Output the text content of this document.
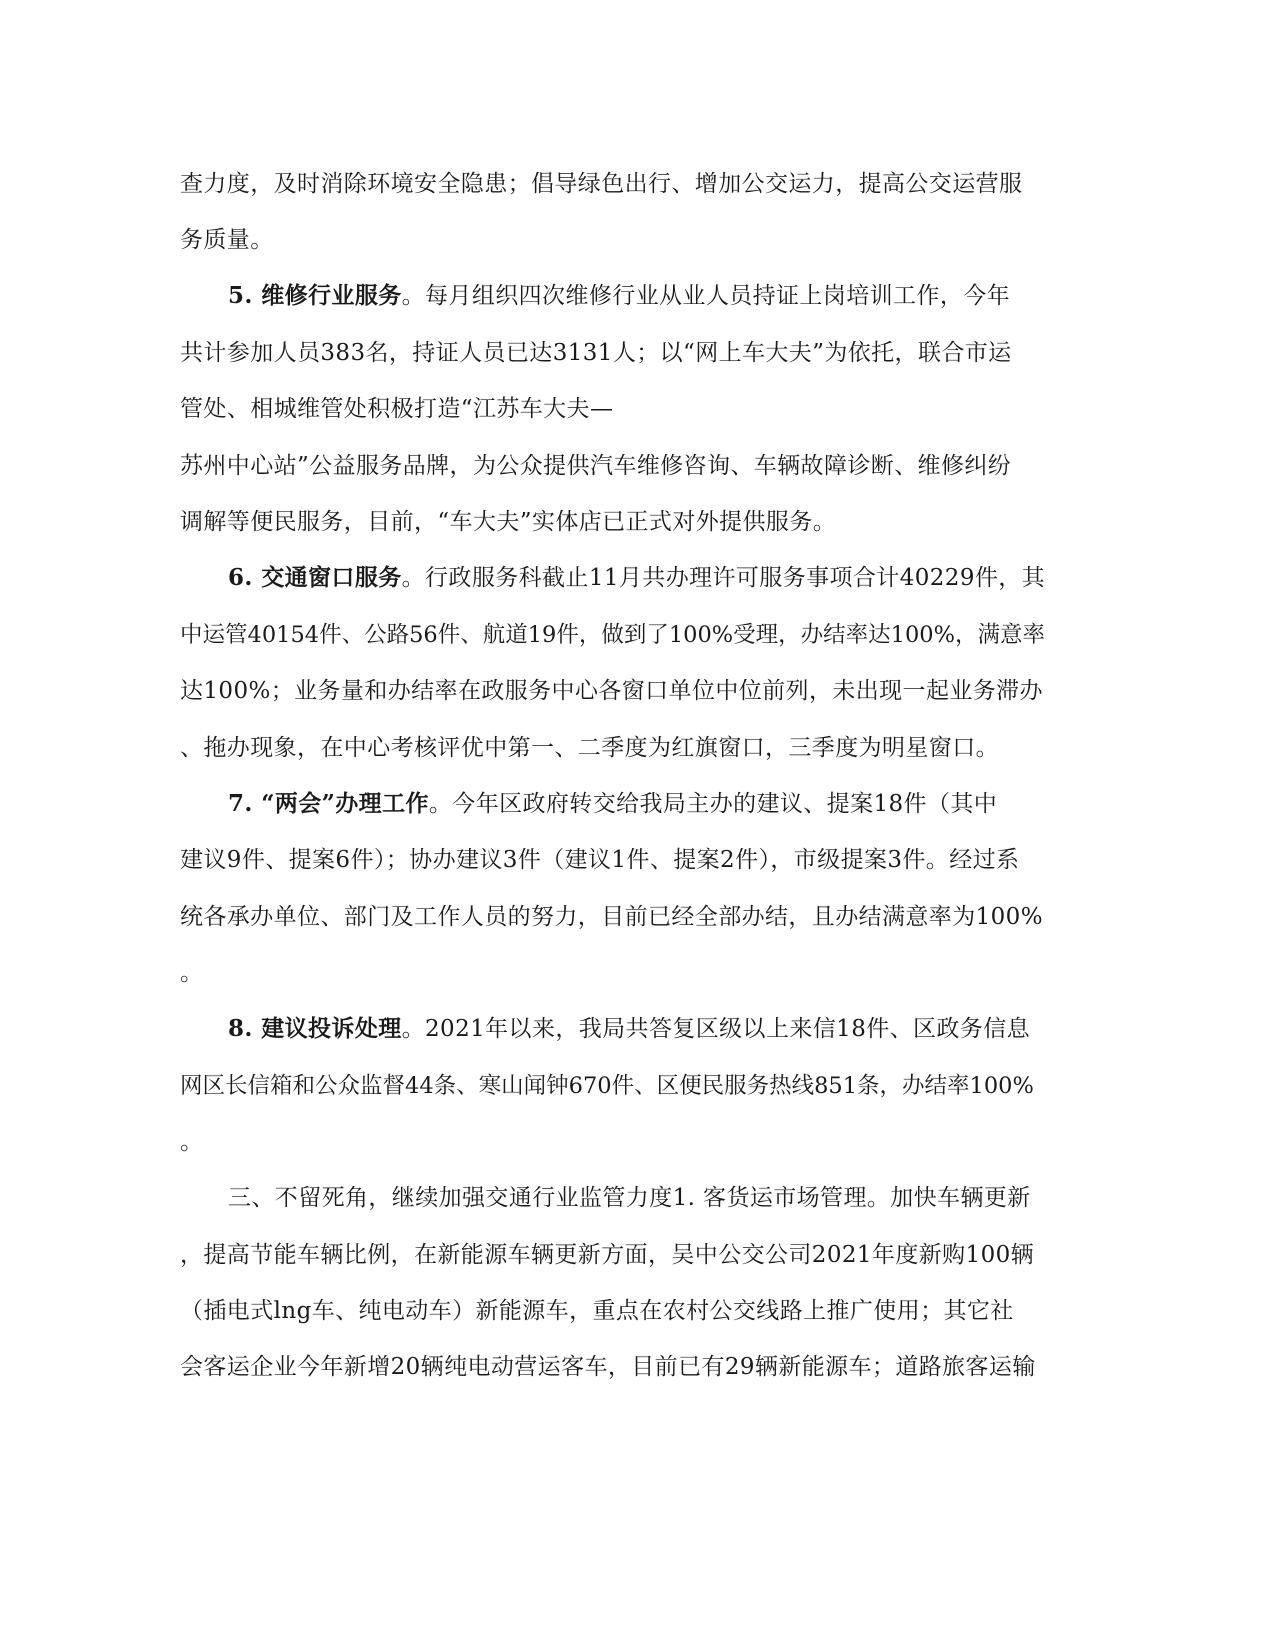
查力度，及时消除环境安全隐患；倡导绿色出行、增加公交运力，提高公交运营服
务质量。
5. 维修行业服务。每月组织四次维修行业从业人员持证上岗培训工作，今年
共计参加人员383名，持证人员已达3131人；以“网上车大夫”为依托，联合市运
管处、相城维管处积极打造“江苏车大夫—
苏州中心站”公益服务品牌，为公众提供汽车维修咨询、车辆故障诊断、维修纠纷
调解等便民服务，目前，“车大夫”实体店已正式对外提供服务。
6. 交通窗口服务。行政服务科截止11月共办理许可服务事项合计40229件，其
中运管40154件、公路56件、航道19件，做到了100%受理，办结率达100%，满意率
达100%；业务量和办结率在政服务中心各窗口单位中位前列，未出现一起业务滞办
、拖办现象，在中心考核评优中第一、二季度为红旗窗口，三季度为明星窗口。
7. “两会”办理工作。今年区政府转交给我局主办的建议、提案18件（其中
建议9件、提案6件）；协办建议3件（建议1件、提案2件），市级提案3件。经过系
统各承办单位、部门及工作人员的努力，目前已经全部办结，且办结满意率为100%
。
8. 建议投诉处理。2021年以来，我局共答复区级以上来信18件、区政务信息
网区长信箱和公众监督44条、寒山闻钟670件、区便民服务热线851条，办结率100%
。
三、不留死角，继续加强交通行业监管力度1. 客货运市场管理。加快车辆更新
，提高节能车辆比例，在新能源车辆更新方面，吴中公交公司2021年度新购100辆
（插电式lng车、纯电动车）新能源车，重点在农村公交线路上推广使用；其它社
会客运企业今年新增20辆纯电动营运客车，目前已有29辆新能源车；道路旅客运输
